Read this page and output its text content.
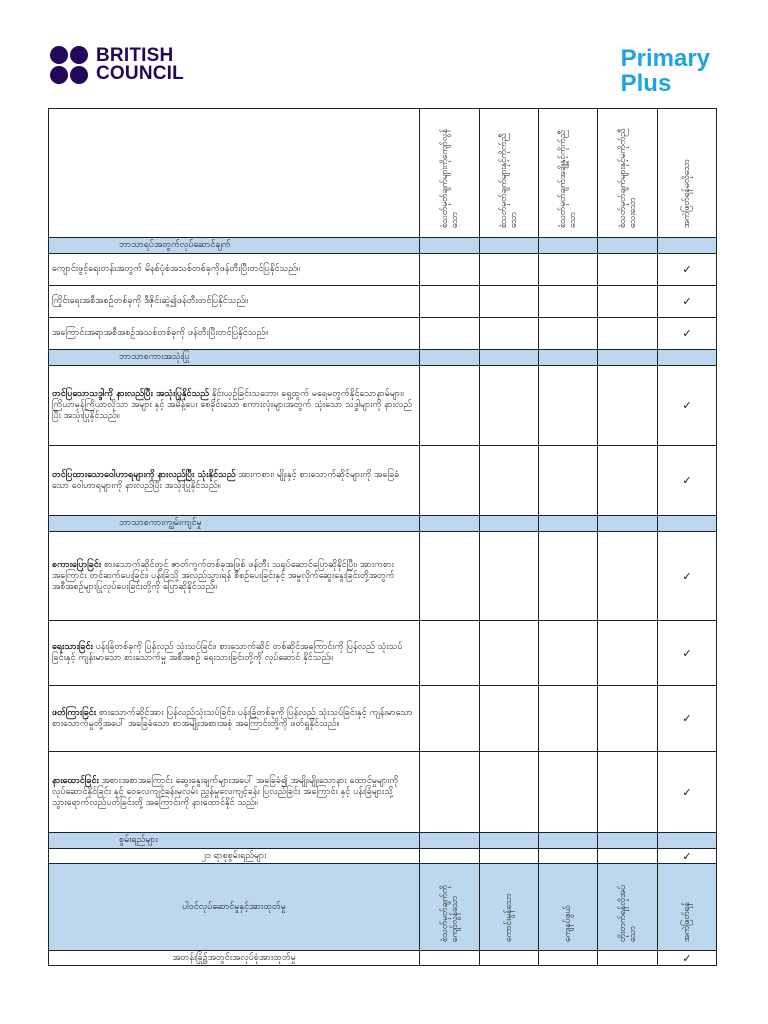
BRITISH
COUNCIL
Primary
Plus

	စံသတ်မှတ်ချက်များကိုကျော်လွန်သော	စံသတ်မှတ်ချက်များနှင့်ကိုက်ညီသော	စံသတ်မှတ်ချက်အချို့နှင့်ကိုက်ညီသော	စံသတ်မှတ်ချက်များနှင့်မကိုက်ညီသေးသော	အကဲဖြတ်ရန်မလိုသော

ဘာသာရပ်အတွက်လုပ်ဆောင်ချက်					
ကျောင်းဖွင့်ရေးတန်းအတွက် မိနစ်ပုံစံအသစ်တစ်ခုကိုဖန်တီးပြီးတင်ပြနိုင်သည်။					✓
ကြိုင်းရေးအစီအစဉ်တစ်ခုကို ဒီဇိုင်းဆွဲ၍ဖန်တီးတင်ပြနိုင်သည်။					✓
အကြောင်းအရာအစီအစဉ်အသစ်တစ်ခုကို ဖန်တီးပြီးတင်ပြနိုင်သည်။					✓
ဘာသာစကားအသုံးပြု					
တင်ပြသောသဒ္ဒါကို နားလည်ပြီး အသုံးပြုနိုင်သည် နိုင်းယှဉ်ခြင်းသဘော၊ ရှေ့ထွက် မရေမတွက်နိုင်သောနာမ်များ၊ ကြိယာမှန်ကြိယာလိုသာ အများ နှင့် အမိန့်ပေး စေခိုင်းသော စကားလုံးများအတွက် သုံးသော သဒ္ဒါများကို နားလည်ပြီး အသုံးပြုနိုင်သည်။					✓
တင်ပြထားသောဝေါဟာရများကို နားလည်ပြီး သုံးနိုင်သည် အားကစား၊ မျိုးနှင့် စားသောက်ဆိုင်များကို အခြေခံသော ဝေါဟာရများကို နားလည်ပြီး အသုံးပြုနိုင်သည်။					✓
ဘာသာစကားကျွမ်းကျင်မှု					
စကားပြောခြင်း စားသောက်ဆိုင်တွင် ဇာတ်ကွက်တစ်ခုအဖြစ် ဖန်တီး သရုပ်ဆောင်ပြောဆိုနိုင်ပြီး၊ အားကစားအကြောင်း တင်ဆက်ပေးခြင်း၊ ပန်းခြံသို့ အလည်သွားရန် စီစဉ်ပေးခြင်းနှင့် အမှုလိုက်ဆွေးနွေးခြင်းတို့အတွက် အစီအစဉ်များပြုလုပ်ပေးခြင်းတို့ကို ပြောဆိုနိုင်သည်။					✓
ရေးသားခြင်း ပန်းခြံတစ်ခုကို ပြန်လည် သုံးသပ်ခြင်း၊ စားသောက်ဆိုင် တစ်ဆိုင်အကြောင်းကို ပြန်လည် သုံးသပ်ခြင်းနှင့် ကျန်းမာသော စားသောက်မှု အစီအစဉ် ရေးသားခြင်းတို့ကို လုပ်ဆောင် နိုင်သည်။					✓
ဖတ်ကြားခြင်း စားသောက်ဆိုင်အား ပြန်လည်သုံးသပ်ခြင်း၊ ပန်းခြံတစ်ခုကို ပြန်လည် သုံးသပ်ခြင်းနှင့် ကျန်းမာသော စားသောက်မှုတို့အပေါ် အခြေခံသော စာအမျိုးအစားအစုံ အကြောင်းတို့ကို ဖတ်ရှုနိုင်သည်။					✓
နားထောင်ခြင်း အစားအစာအကြောင်း ဆွေးနွေးချက်များအပေါ် အခြေခံ၍ အမျိုးမျိုးသောနား ထောင်မှုများကို လုပ်ဆောင်နိုင်ခြင်း နှင့် ‌ဝေလေကျင့်ခန်းမှလမ်း ညွှန်မှုလေကျင့်ခန်း ပြလည်ခြင်း အကြောင်း နှင့် ပန်းခြံများသို့ သွားရောက်လည်ပတ်ခြင်းတို့ အကြောင်းကို နားထောင်နိုင် သည်။					✓
စွမ်းရည်များ					
၂၁ ရာစုစွမ်းရည်များ					✓
ပါဝင်လုပ်ဆောင်မှုနှင့်အားထုတ်မှု	စံသတ်မှတ်ချက်ကိုကျော်လွန်သော	ကောင်းမွန်သော	ကျေနပ်ဖွယ်	တိုးတက်ရန်လိုအပ်သော	အကဲဖြတ်ရန်

အတန်းခြုံ၌အတွင်းအလုပ်စုံအားထုတ်မှု					✓
